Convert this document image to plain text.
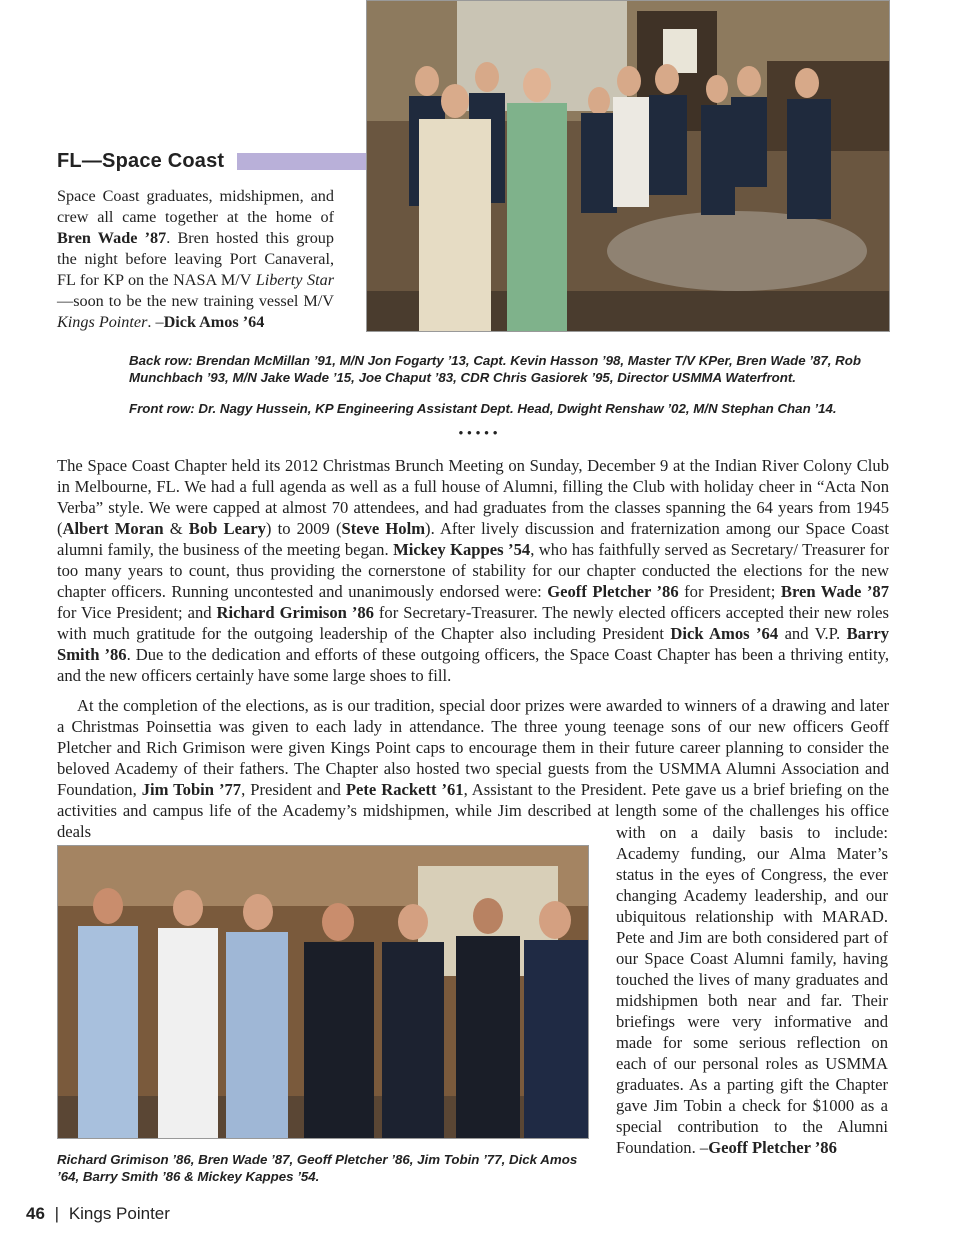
FL—Space Coast
Space Coast graduates, midshipmen, and crew all came together at the home of Bren Wade ’87. Bren hosted this group the night before leaving Port Canaveral, FL for KP on the NASA M/V Liberty Star—soon to be the new training vessel M/V Kings Pointer. –Dick Amos ’64
Back row: Brendan McMillan ’91, M/N Jon Fogarty ’13, Capt. Kevin Hasson ’98, Master T/V KPer, Bren Wade ’87, Rob Munchbach ’93, M/N Jake Wade ’15, Joe Chaput ’83, CDR Chris Gasiorek ’95, Director USMMA Waterfront.
Front row: Dr. Nagy Hussein, KP Engineering Assistant Dept. Head, Dwight Renshaw ’02, M/N Stephan Chan ’14.
•••••

The Space Coast Chapter held its 2012 Christmas Brunch Meeting on Sunday, December 9 at the Indian River Colony Club in Melbourne, FL. We had a full agenda as well as a full house of Alumni, filling the Club with holiday cheer in “Acta Non Verba” style. We were capped at almost 70 attendees, and had graduates from the classes spanning the 64 years from 1945 (Albert Moran & Bob Leary) to 2009 (Steve Holm). After lively discussion and fraternization among our Space Coast alumni family, the business of the meeting began. Mickey Kappes ’54, who has faithfully served as Secretary/ Treasurer for too many years to count, thus providing the cornerstone of stability for our chapter conducted the elections for the new chapter officers. Running uncontested and unanimously endorsed were: Geoff Pletcher ’86 for President; Bren Wade ’87 for Vice President; and Richard Grimison ’86 for Secretary-Treasurer. The newly elected officers accepted their new roles with much gratitude for the outgoing leadership of the Chapter also including President Dick Amos ’64 and V.P. Barry Smith ’86. Due to the dedication and efforts of these outgoing officers, the Space Coast Chapter has been a thriving entity, and the new officers certainly have some large shoes to fill.

At the completion of the elections, as is our tradition, special door prizes were awarded to winners of a drawing and later a Christmas Poinsettia was given to each lady in attendance. The three young teenage sons of our new officers Geoff Pletcher and Rich Grimison were given Kings Point caps to encourage them in their future career planning to consider the beloved Academy of their fathers. The Chapter also hosted two special guests from the USMMA Alumni Association and Foundation, Jim Tobin ’77, President and Pete Rackett ’61, Assistant to the President. Pete gave us a brief briefing on the activities and campus life of the Academy’s midshipmen, while Jim described at length some of the challenges his office deals	with on a daily basis to include: Academy funding, our Alma Mater’s status in the eyes of Congress, the ever changing Academy leadership, and our ubiquitous relationship with MARAD. Pete and Jim are both considered part of our Space Coast Alumni family, having touched the lives of many graduates and midshipmen both near and far. Their briefings were very informative and made for some serious reflection on each of our personal roles as USMMA graduates. As a parting gift the Chapter gave Jim Tobin a check for $1000 as a special contribution to the Alumni Foundation. –Geoff Pletcher ’86
Richard Grimison ’86, Bren Wade ’87, Geoff Pletcher ’86, Jim Tobin ’77, Dick Amos ’64, Barry Smith ’86 & Mickey Kappes ’54.
46 | Kings Pointer
